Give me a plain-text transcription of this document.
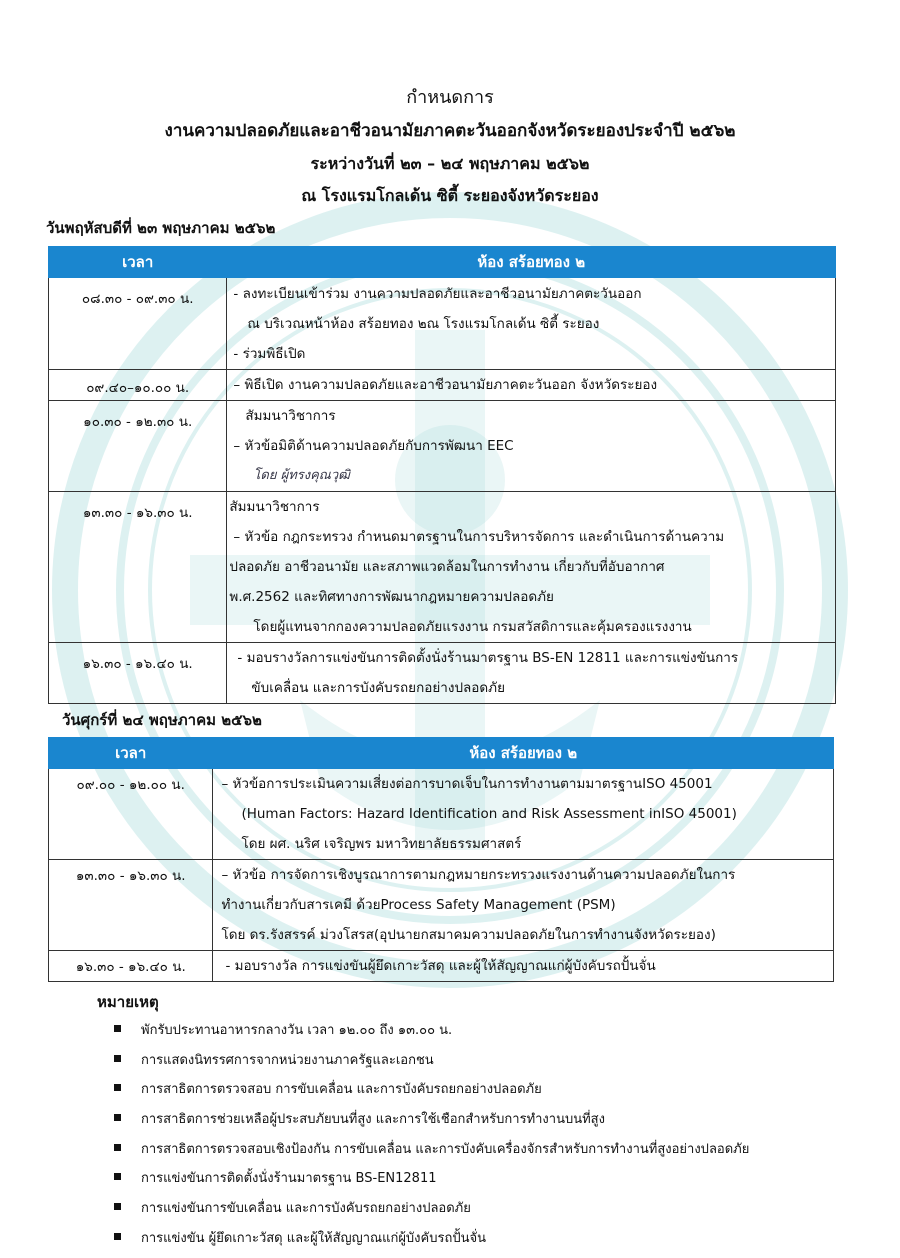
กำหนดการ
งานความปลอดภัยและอาชีวอนามัยภาคตะวันออกจังหวัดระยองประจำปี ๒๕๖๒
ระหว่างวันที่ ๒๓ – ๒๔ พฤษภาคม ๒๕๖๒
ณ โรงแรมโกลเด้น ซิตี้ ระยองจังหวัดระยอง
วันพฤหัสบดีที่ ๒๓ พฤษภาคม ๒๕๖๒
เวลา	ห้อง สร้อยทอง ๒
๐๘.๓๐ - ๐๙.๓๐ น.	- ลงทะเบียนเข้าร่วม งานความปลอดภัยและอาชีวอนามัยภาคตะวันออก
ณ บริเวณหน้าห้อง สร้อยทอง ๒ณ โรงแรมโกลเด้น ซิตี้ ระยอง
- ร่วมพิธีเปิด

๐๙.๔๐–๑๐.๐๐ น.	– พิธีเปิด งานความปลอดภัยและอาชีวอนามัยภาคตะวันออก จังหวัดระยอง

๑๐.๓๐ - ๑๒.๓๐ น.	สัมมนาวิชาการ
– หัวข้อมิติด้านความปลอดภัยกับการพัฒนา EEC
โดย ผู้ทรงคุณวุฒิ

๑๓.๓๐ - ๑๖.๓๐ น.	สัมมนาวิชาการ
– หัวข้อ กฎกระทรวง กำหนดมาตรฐานในการบริหารจัดการ และดำเนินการด้านความ
ปลอดภัย อาชีวอนามัย และสภาพแวดล้อมในการทำงาน เกี่ยวกับที่อับอากาศ
พ.ศ.2562 และทิศทางการพัฒนากฎหมายความปลอดภัย
โดยผู้แทนจากกองความปลอดภัยแรงงาน กรมสวัสดิการและคุ้มครองแรงงาน

๑๖.๓๐ - ๑๖.๔๐ น.	- มอบรางวัลการแข่งขันการติดตั้งนั่งร้านมาตรฐาน BS-EN 12811 และการแข่งขันการ
ขับเคลื่อน และการบังคับรถยกอย่างปลอดภัย
วันศุกร์ที่ ๒๔ พฤษภาคม ๒๕๖๒
เวลา	ห้อง สร้อยทอง ๒
๐๙.๐๐ - ๑๒.๐๐ น.	– หัวข้อการประเมินความเสี่ยงต่อการบาดเจ็บในการทำงานตามมาตรฐานISO 45001
(Human Factors: Hazard Identification and Risk Assessment inISO 45001)
โดย ผศ. นริศ เจริญพร มหาวิทยาลัยธรรมศาสตร์

๑๓.๓๐ - ๑๖.๓๐ น.	– หัวข้อ การจัดการเชิงบูรณาการตามกฎหมายกระทรวงแรงงานด้านความปลอดภัยในการ
ทำงานเกี่ยวกับสารเคมี ด้วยProcess Safety Management (PSM)
โดย ดร.รังสรรค์ ม่วงโสรส(อุปนายกสมาคมความปลอดภัยในการทำงานจังหวัดระยอง)

๑๖.๓๐ - ๑๖.๔๐ น.	- มอบรางวัล การแข่งขันผู้ยึดเกาะวัสดุ และผู้ให้สัญญาณแก่ผู้บังคับรถปั้นจั่น
หมายเหตุ
พักรับประทานอาหารกลางวัน เวลา ๑๒.๐๐ ถึง ๑๓.๐๐ น.
การแสดงนิทรรศการจากหน่วยงานภาครัฐและเอกชน
การสาธิตการตรวจสอบ การขับเคลื่อน และการบังคับรถยกอย่างปลอดภัย
การสาธิตการช่วยเหลือผู้ประสบภัยบนที่สูง และการใช้เชือกสำหรับการทำงานบนที่สูง
การสาธิตการตรวจสอบเชิงป้องกัน การขับเคลื่อน และการบังคับเครื่องจักรสำหรับการทำงานที่สูงอย่างปลอดภัย
การแข่งขันการติดตั้งนั่งร้านมาตรฐาน BS-EN12811
การแข่งขันการขับเคลื่อน และการบังคับรถยกอย่างปลอดภัย
การแข่งขัน ผู้ยึดเกาะวัสดุ และผู้ให้สัญญาณแก่ผู้บังคับรถปั้นจั่น
